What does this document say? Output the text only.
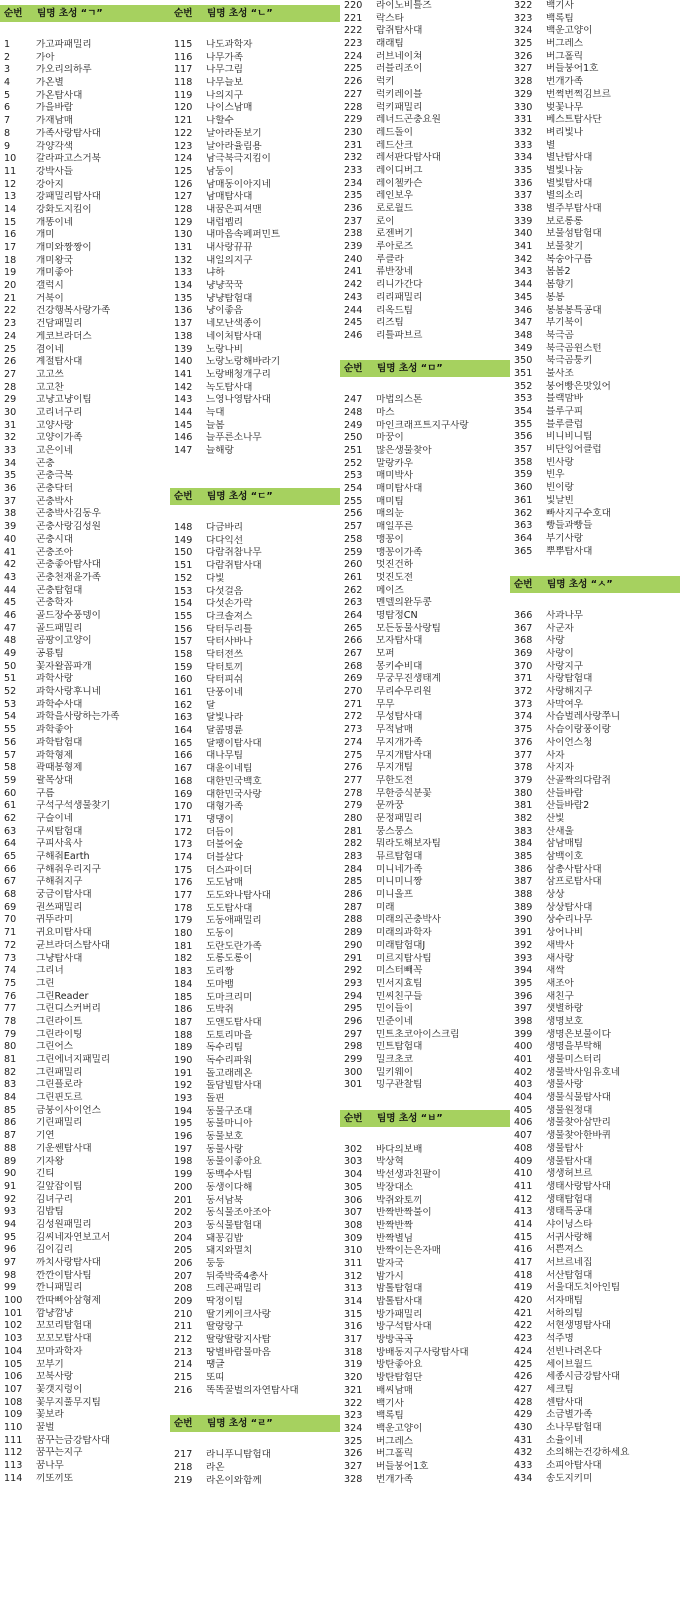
순번 팀명 초성 “ㄱ”
1	가고파패밀리
2	가아
3	가오리의하루
4	가온별
5	가온탐사대
6	가을바람
7	가재남매
8	가족사랑탐사대
9	각양각색
10 갈라파고스거북
11 강박사들
12 강아지
13 강패밀리탐사대
14 강화도지킴이
15 개똥이네
16 개미
17 개미와짱짱이
18 개미왕국
19 개미좋아
20 갤럭시
21 거북이
22 건강행복사랑가족
23 건담패밀리
24 게코브라더스
25 겸이네
26 계절탐사대
27 고고쓰
28 고고찬
29 고냥고냥이팀
30 고리너구리
31 고양사랑
32 고양이가족
33 고은이네
34 곤충
35 곤충극복
36 곤충닥터
37 곤충박사
38 곤충박사김동우
39 곤충사랑김성원
40 곤충시대
41 곤충조아
42 곤충좋아탐사대
43 곤충천재윤가족
44 곤충탐험대
45 곤충학자
46 골드장수풍뎅이
47 골드패밀리
48 곰팡이고양이
49 공룡팀
50 꽃자왈꼼파개
51 과학사랑
52 과학사랑후니네
53 과학수사대
54 과학을사랑하는가족
55 과학좋아
56 과학탐험대
57 과학형제
58 곽때봉형제
59 괄목상대
60 구름
61 구석구석생물찾기
62 구슬이네
63 구씨탐험대
64 구피사육사
65 구해줘Earth
66 구해줘우리지구
67 구해줘지구
68 궁금이탐사대
69 권쓰패밀리
70 귀뚜라미
71 귀요미탐사대
72 균브라더스탐사대
73 그냥탐사대
74 그리너
75 그린
76 그린Reader
77 그린디스커버리
78 그린라이트
79 그린라이팅
80 그린어스
81 그린에너지패밀리
82 그린패밀리
83 그린플로라
84 그린핀도르
85 금붕이사이언스
86 기린패밀리
87 기연
88 기운쎈탐사대
89 기자왕
90 긴티
91 길앞잡이팀
92 김녀구리
93 김밥팀
94 김성원패밀리
95 김씨네자연보고서
96 김이김리
97 까치사랑탐사대
98 깐깐이탐사팀
99 깐니패밀리
100 깐따삐아삼형제
101 깜냥깜냥
102 꼬꼬리탐험대
103 꼬꼬모탐사대
104 꼬마과학자
105 꼬부기
106 꼬북사랑
107 꽃갯지렁이
108 꽃무지풀무지팀
109 꽃보라
110 꿀벌
111 꿈꾸는금강탐사대
112 꿈꾸는지구
113 꿈나무
114 끼또끼또
순번 팀명 초성 “ㄴ”
115 나도과학자
116 나무가족
117 나무그림
118 나무늘보
119 나의지구
120 나이스남매
121 나할수
122 날아라돋보기
123 날아라율림용
124 남극북극지킴이
125 남둥이
126 남매동이아지네
127 남매탐사대
128 내꿈은피셔맨
129 내럽펩리
130 내마음속페퍼민트
131 내사랑뀨뀨
132 내일의지구
133 냐하
134 냥냥꾹꾹
135 냥냥탐험대
136 냥이좋음
137 네모난색종이
138 네이처탐사대
139 노랑나비
140 노랑노랑해바라기
141 노랑배청개구리
142 녹도탐사대
143 느영나영탐사대
144 늑대
145 늘봄
146 늘푸른소나무
147 늘해랑
순번 팀명 초성 “ㄷ”
148 다금바리
149 다다익선
150 다람쥐참나무
151 다람쥐탐사대
152 다빛
153 다섯걸음
154 다섯손가락
155 다크솔져스
156 닥터두리틀
157 닥터사바나
158 닥터전쓰
159 닥터토끼
160 닥터피쉬
161 단풍이네
162 달
163 달빛나라
164 달콤명륜
165 달팽이탐사대
166 대나무팀
167 대윤이네팀
168 대한민국백호
169 대한민국사랑
170 대형가족
171 댕댕이
172 더듬이
173 더불어숲
174 더블살다
175 더스파이더
176 도도남매
177 도도와나탐사대
178 도도탐사대
179 도동애패밀리
180 도동이
181 도란도란가족
182 도롱도롱이
183 도리짱
184 도마뱀
185 도마크리미
186 도박쥐
187 도앤도탐사대
188 도토리마을
189 독수리팀
190 독수리파워
191 돌고래레온
192 돌담빌탐사대
193 돌핀
194 동물구조대
195 동물마니아
196 동물보호
197 동물사랑
198 동물이좋아요
199 동백수사팀
200 동생이다해
201 동서남북
202 동식물조아조아
203 동식물탐험대
204 돼꽁김밥
205 돼지와멸치
206 둥둥
207 뒤죽박죽4총사
208 드레곤패밀리
209 딱정이팀
210 딸기케이크사랑
211 딸랑랑구
212 딸랑딸랑지사탐
213 땅별바람물마음
214 땡글
215 또띠
216 똑똑꿀벌의자연탐사대
순번 팀명 초성 “ㄹ”
217 라니푸니탐험대
218 라온
219 라온이와함께
220 라이노비틀즈
221 락스타
222 람쥐탐사대
223 래래팀
224 러브네이쳐
225 러블리조이
226 럭키
227 럭키레이블
228 럭키패밀리
229 레너드곤충요원
230 레드돌이
231 레드산크
232 레서판다탐사대
233 레이디버그
234 레이첼카슨
235 레인보우
236 로로월드
237 로이
238 로젠버기
239 루아로즈
240 루클라
241 류반장네
242 리니가간다
243 리리패밀리
244 리옥드팀
245 리즈팀
246 리틀파브르
순번 팀명 초성 “ㅁ”
247 마법의스톤
248 마스
249 마인크래프트지구사랑
250 마꿍이
251 많은생물찾아
252 말랑카우
253 매미박사
254 매미탐사대
255 매미팀
256 매의눈
257 매일푸른
258 맹꽁이
259 맹꽁이가족
260 멋진건하
261 멋진도전
262 메이즈
263 멘델의완두콩
264 명탐정CN
265 모든동물사랑팀
266 모자탐사대
267 모퍼
268 몽키수비대
269 무궁무진생태계
270 무리수무리원
271 무무
272 무성탐사대
273 무적남매
274 무지개가족
275 무지개탐사대
276 무지개팀
277 무한도전
278 무한증식분꽃
279 문까꿍
280 문정패밀리
281 뭉스뭉스
282 뭐라도해보자팀
283 뮤르탐험대
284 미니네가족
285 미니미니짱
286 미니올프
287 미래
288 미래의곤충박사
289 미래의과학자
290 미래탐험대J
291 미르지탐사팀
292 미스터빼꼭
293 민서지효팀
294 민씨친구들
295 민이들이
296 민준이네
297 민트초코아이스크림
298 민트탐험대
299 밀크초코
300 밀키웨이
301 밍구관찰팀
순번 팀명 초성 “ㅂ”
302 바다의보배
303 박상혁
304 박선생과친팔이
305 박장대소
306 박쥐와토끼
307 반짝반짝불이
308 반짝반짝
309 반짝별님
310 반짝이는은자매
311 발자국
312 밤가시
313 밤톨탐험대
314 밥톨탐사대
315 방가패밀리
316 방구석탐사대
317 방방곡곡
318 방배동지구사랑탐사대
319 방탄좋아요
320 방탄탐험단
321 배씨남매
322 백기사
323 백록팀
324 백운고양이
325 버그레스
326 버그홀릭
327 버들붕어1호
328 번개가족
322 백기사
323 백록팀
324 백운고양이
325 버그레스
326 버그홀릭
327 버들붕어1호
328 번개가족
329 번쩍번쩍김브르
330 벚꽃나무
331 베스트탐사단
332 벼리빛나
333 별
334 별난탐사대
335 별빛나눔
336 별빛탐사대
337 별의소리
338 별주부탐사대
339 보로롱롱
340 보물섬탐험대
341 보물찾기
342 복숭아구름
343 봄봄2
344 봄향기
345 봉봉
346 봉봉봉특공대
347 부기북이
348 북극곰
349 북극곰윈스턴
350 북극곰퉁키
351 불사조
352 붕어빵은맛있어
353 블랙맘바
354 블루구피
355 블루클럽
356 비니비니팀
357 비단잉어클럽
358 빈사랑
359 빈우
360 빈이랑
361 빛날빈
362 빠사지구수호대
363 빵들과빵들
364 부기사랑
365 뿌뿌탐사대
순번 팀명 초성 “ㅅ”
366 사과나무
367 사군자
368 사랑
369 사랑이
370 사랑지구
371 사랑탐험대
372 사랑해지구
373 사막여우
374 사슴벌레사랑쭈니
375 사슴이랑풍이랑
376 사이언스청
377 사자
378 사지자
379 산골짝의다람쥐
380 산들바람
381 산들바람2
382 산빛
383 산새울
384 삼남매팀
385 삼백이호
386 삼총사탐사대
387 삼프로탐사대
388 상상
389 상상탐사대
390 상수리나무
391 상어나비
392 새박사
393 새사랑
394 새싹
395 새조아
396 새친구
397 샛별하랑
398 생명보호
399 생명은보물이다
400 생명을부탁해
401 생물미스터리
402 생물박사임유호네
403 생물사랑
404 생물식물탐사대
405 생물원정대
406 생물찾아삼만리
407 생물찾아한바퀴
408 생물탐사
409 생물탐사대
410 생생허브르
411 생태사랑탐사대
412 생태탐험대
413 생태특공대
414 샤이닝스타
415 서귀사랑해
416 서쁜져스
417 서브르네집
418 서산탐험대
419 서울대도치아인팀
420 서자매팀
421 서하의팀
422 서현생명탐사대
423 석주명
424 선빈나려온다
425 세이브월드
426 세종시금강탐사대
427 세크팀
428 센탐사대
429 소금별가족
430 소나무탐험대
431 소율이네
432 소의해는건강하세요
433 소피아탐사대
434 송도지키미
